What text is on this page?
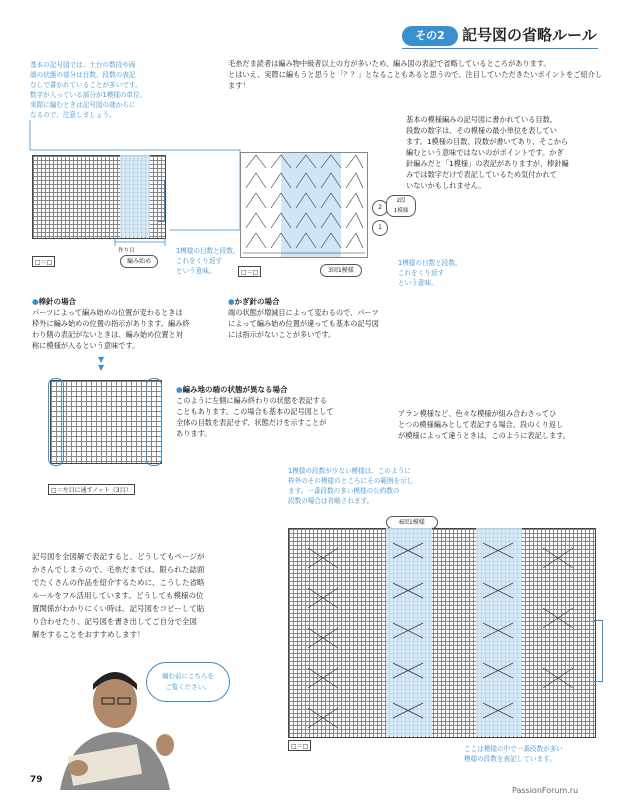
その2	記号図の省略ルール
毛糸だま読者は編み物中級者以上の方が多いため、編み図の表記で省略しているところがあります。
とはいえ、実際に編もうと思うと「？？」となることもあると思うので、注目していただきたいポイントをご紹介します！
基本の記号図では、土台の数段や両
端の状態の部分は目数、段数の表記
なしで書かれていることが多いです。
数字が入っている部分が1模様の単位、
実際に編むときは記号図の端からに
なるので、注意しましょう。	基本の模様編みの記号図に書かれている目数、
段数の数字は、その模様の最小単位を表してい
ます。1模様の目数、段数が書いてあり、そこから
編むという意味ではないのがポイントです。かぎ
針編みだと「1模様」の表記がありますが、棒針編
みでは数字だけで表記しているため気付かれて
いないかもしれません。
編み始め
作り目
□＝□
2
1
2段
1模様
3回1模様
□＝□
1模様の目数と段数。
これをくり返す
という意味。
1模様の目数と段数。
これをくり返す
という意味。
●棒針の場合
パーツによって編み始めの位置が変わるときは
枠外に編み始めの位置の指示があります。編み終
わり側の表記がないときは、編み始め位置と対
称に模様が入るという意味です。
●かぎ針の場合
端の状態が増減目によって変わるので、パーツ
によって編み始め位置が違っても基本の記号図
には指示がないことが多いです。
▼
▼
□＝左目に通すノット（3目）
●編み地の端の状態が異なる場合
このように左側に編み終わりの状態を表記する
こともあります。この場合も基本の記号図として
全体の目数を表記せず、状態だけを示すことが
あります。
アラン模様など、色々な模様が組み合わさってひ
とつの模様編みとして表記する場合、段のくり返し
が模様によって違うときは、このように表記します。
1模様の段数が少ない模様は、このように
枠外のその模様のところにその範囲を示し
ます。一番段数の多い模様の公約数の
段数の場合は省略されます。
6回1模様
□＝□
記号図を全図解で表記すると、どうしてもページが
かさんでしまうので、毛糸だまでは、限られた誌面
でたくさんの作品を紹介するために、こうした省略
ルールをフル活用しています。どうしても模様の位
置関係がわかりにくい時は、記号図をコピーして貼
り合わせたり、記号図を書き出してご自分で全図
解をすることをおすすめします！
編む前にこちらを
ご覧ください。
ここは模様の中で一番段数が多い
模様の段数を表記しています。
79
PassionForum.ru
